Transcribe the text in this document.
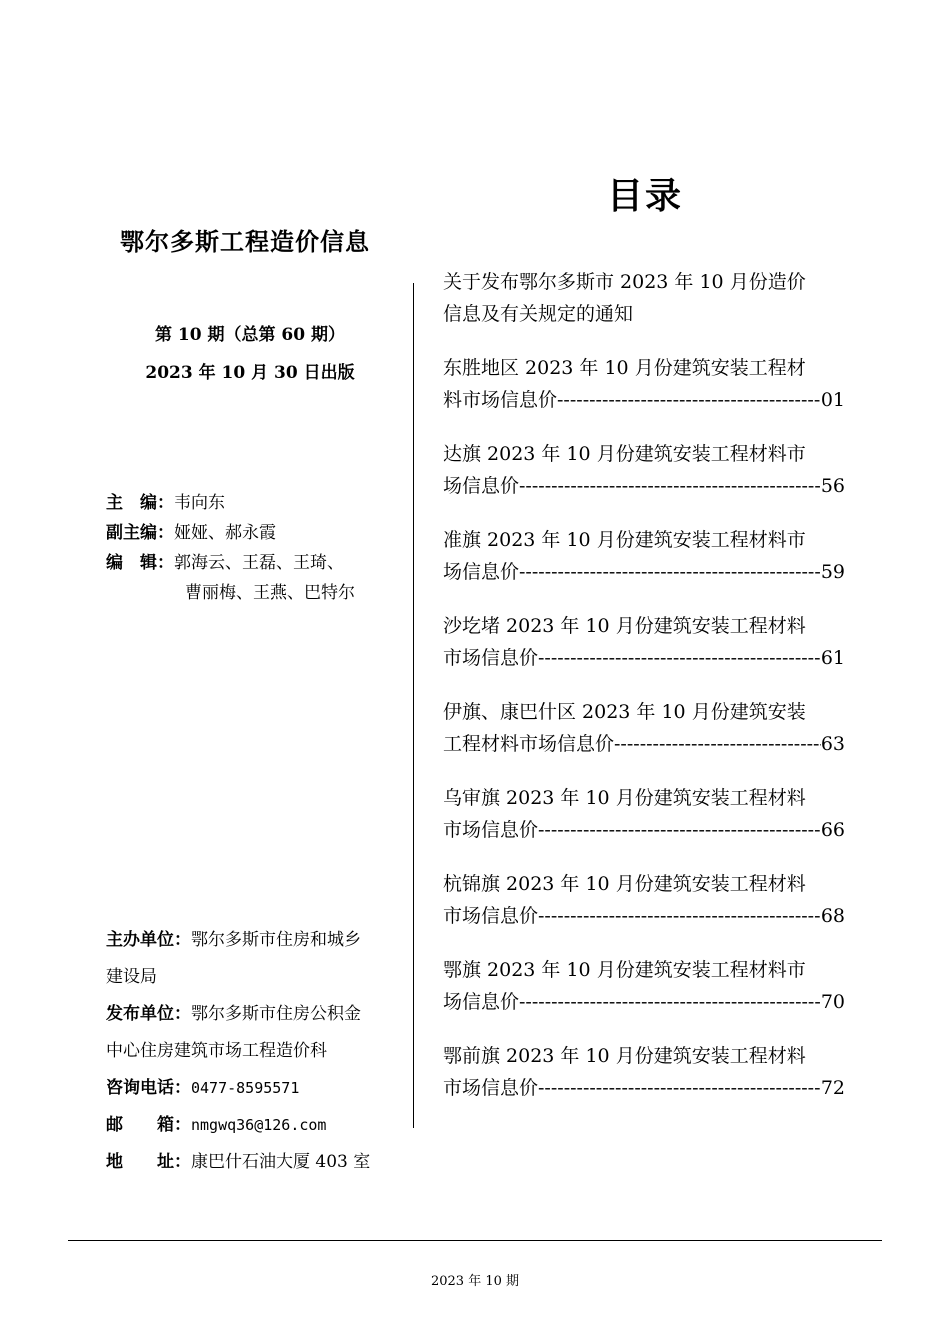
目录
鄂尔多斯工程造价信息
第 10 期（总第 60 期）
2023 年 10 月 30 日出版
主　编：韦向东
副主编：娅娅、郝永霞
编　辑：郭海云、王磊、王琦、
曹丽梅、王燕、巴特尔
关于发布鄂尔多斯市 2023 年 10 月份造价
信息及有关规定的通知
东胜地区 2023 年 10 月份建筑安装工程材
料市场信息价 -----	01
达旗 2023 年 10 月份建筑安装工程材料市
场信息价 -----	56
准旗 2023 年 10 月份建筑安装工程材料市
场信息价 -----	59
沙圪堵 2023 年 10 月份建筑安装工程材料
市场信息价 -----	61
伊旗、康巴什区 2023 年 10 月份建筑安装
工程材料市场信息价 -----	63
乌审旗 2023 年 10 月份建筑安装工程材料
市场信息价 -----	66
杭锦旗 2023 年 10 月份建筑安装工程材料
市场信息价 -----	68
鄂旗 2023 年 10 月份建筑安装工程材料市
场信息价 -----	70
鄂前旗 2023 年 10 月份建筑安装工程材料
市场信息价 -----	72
主办单位：鄂尔多斯市住房和城乡
建设局
发布单位：鄂尔多斯市住房公积金
中心住房建筑市场工程造价科
咨询电话：0477-8595571
邮　　箱：nmgwq36@126.com
地　　址：康巴什石油大厦 403 室
2023 年 10 期
